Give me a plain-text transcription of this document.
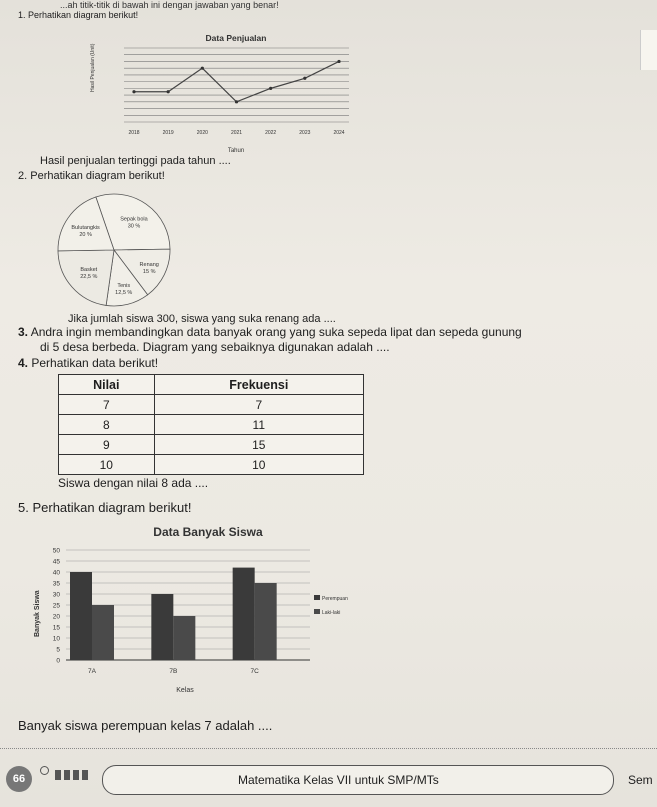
...ah titik-titik di bawah ini dengan jawaban yang benar!
1. Perhatikan diagram berikut!
Data Penjualan
Hasil Penjualan (Unit)
2018	2019	2020	2021	2022	2023	2024
Tahun
Hasil penjualan tertinggi pada tahun ....
2. Perhatikan diagram berikut!
Sepak bola
30 %
Renang
15 %
Tenis
12,5 %
Basket
22,5 %
Bulutangkis
20 %
Jika jumlah siswa 300, siswa yang suka renang ada ....
3. Andra ingin membandingkan data banyak orang yang suka sepeda lipat dan sepeda gunung
di 5 desa berbeda. Diagram yang sebaiknya digunakan adalah ....
4. Perhatikan data berikut!
Nilai	Frekuensi
7	7
8	11
9	15
10	10
Siswa dengan nilai 8 ada ....
5. Perhatikan diagram berikut!
Data Banyak Siswa
Banyak Siswa
0
5
10
15
20
25
30
35
40
45
50
7A	7B	7C
Perempuan
Laki-laki
Kelas
Banyak siswa perempuan kelas 7 adalah ....
66	Matematika Kelas VII untuk SMP/MTs	Sem
